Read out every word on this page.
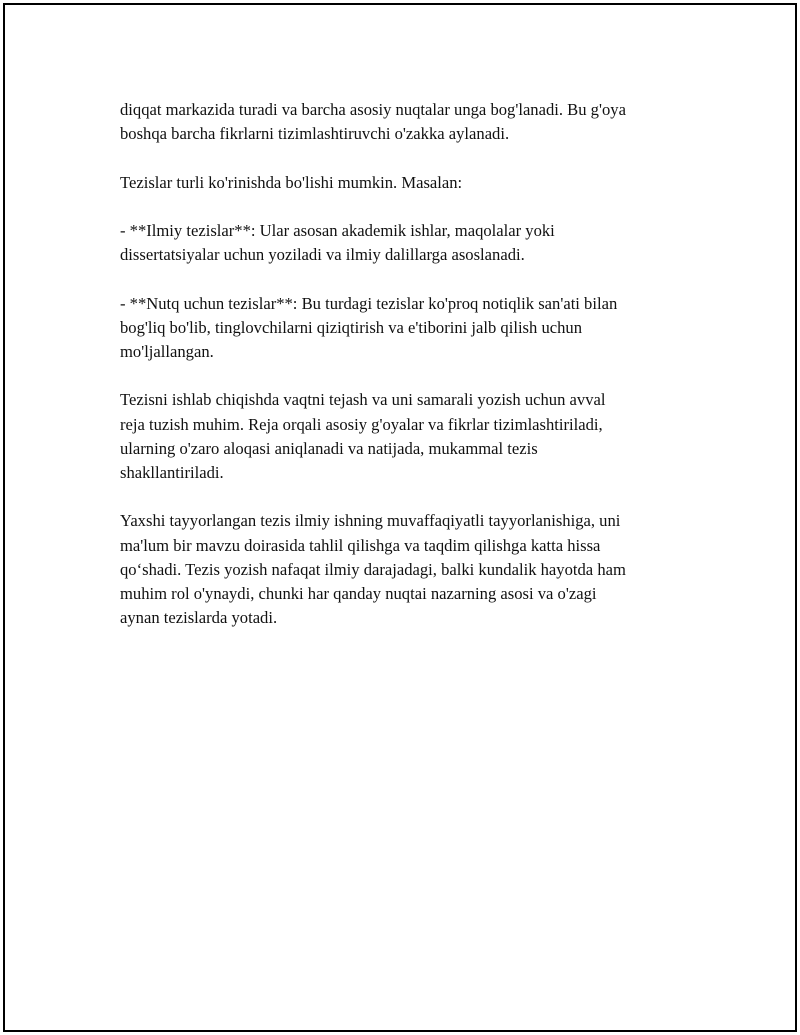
diqqat markazida turadi va barcha asosiy nuqtalar unga bog'lanadi. Bu g'oya
boshqa barcha fikrlarni tizimlashtiruvchi o'zakka aylanadi.

Tezislar turli ko'rinishda bo'lishi mumkin. Masalan:

- **Ilmiy tezislar**: Ular asosan akademik ishlar, maqolalar yoki
dissertatsiyalar uchun yoziladi va ilmiy dalillarga asoslanadi.

- **Nutq uchun tezislar**: Bu turdagi tezislar ko'proq notiqlik san'ati bilan
bog'liq bo'lib, tinglovchilarni qiziqtirish va e'tiborini jalb qilish uchun
mo'ljallangan.

Tezisni ishlab chiqishda vaqtni tejash va uni samarali yozish uchun avval
reja tuzish muhim. Reja orqali asosiy g'oyalar va fikrlar tizimlashtiriladi,
ularning o'zaro aloqasi aniqlanadi va natijada, mukammal tezis
shakllantiriladi.

Yaxshi tayyorlangan tezis ilmiy ishning muvaffaqiyatli tayyorlanishiga, uni
ma'lum bir mavzu doirasida tahlil qilishga va taqdim qilishga katta hissa
qo‘shadi. Tezis yozish nafaqat ilmiy darajadagi, balki kundalik hayotda ham
muhim rol o'ynaydi, chunki har qanday nuqtai nazarning asosi va o'zagi
aynan tezislarda yotadi.
